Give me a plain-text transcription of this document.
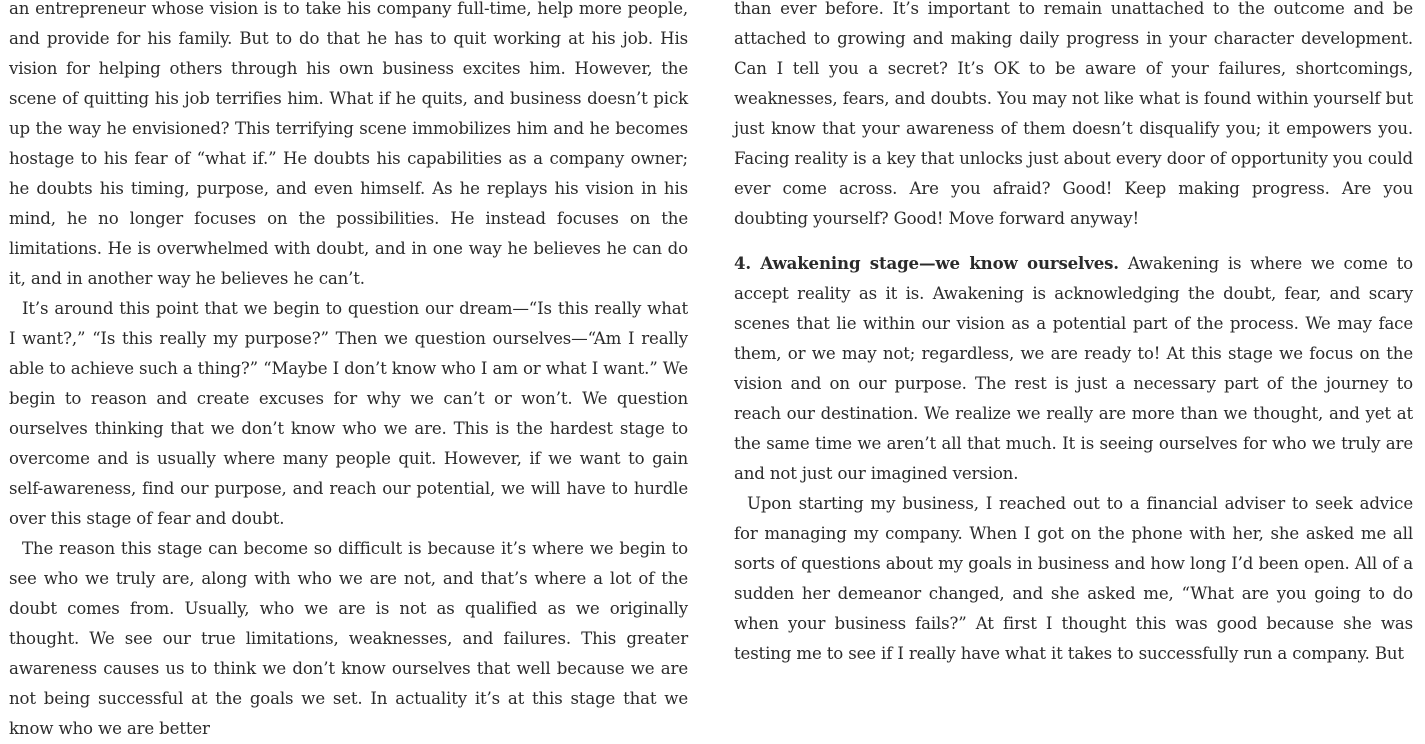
an entrepreneur whose vision is to take his company full-time, help more people, and provide for his family. But to do that he has to quit working at his job. His vision for helping others through his own business excites him. However, the scene of quitting his job terrifies him. What if he quits, and business doesn’t pick up the way he envisioned? This terrifying scene immobilizes him and he becomes hostage to his fear of “what if.” He doubts his capabilities as a company owner; he doubts his timing, purpose, and even himself. As he replays his vision in his mind, he no longer focuses on the possibilities. He instead focuses on the limitations. He is overwhelmed with doubt, and in one way he believes he can do it, and in another way he believes he can’t.

It’s around this point that we begin to question our dream—“Is this really what I want?,” “Is this really my purpose?” Then we question ourselves—“Am I really able to achieve such a thing?” “Maybe I don’t know who I am or what I want.” We begin to reason and create excuses for why we can’t or won’t. We question ourselves thinking that we don’t know who we are. This is the hardest stage to overcome and is usually where many people quit. However, if we want to gain self-awareness, find our purpose, and reach our potential, we will have to hurdle over this stage of fear and doubt.

The reason this stage can become so difficult is because it’s where we begin to see who we truly are, along with who we are not, and that’s where a lot of the doubt comes from. Usually, who we are is not as qualified as we originally thought. We see our true limitations, weaknesses, and failures. This greater awareness causes us to think we don’t know ourselves that well because we are not being successful at the goals we set. In actuality it’s at this stage that we know who we are better

than ever before. It’s important to remain unattached to the outcome and be attached to growing and making daily progress in your character development. Can I tell you a secret? It’s OK to be aware of your failures, shortcomings, weaknesses, fears, and doubts. You may not like what is found within yourself but just know that your awareness of them doesn’t disqualify you; it empowers you. Facing reality is a key that unlocks just about every door of opportunity you could ever come across. Are you afraid? Good! Keep making progress. Are you doubting yourself? Good! Move forward anyway!

4. Awakening stage—we know ourselves. Awakening is where we come to accept reality as it is. Awakening is acknowledging the doubt, fear, and scary scenes that lie within our vision as a potential part of the process. We may face them, or we may not; regardless, we are ready to! At this stage we focus on the vision and on our purpose. The rest is just a necessary part of the journey to reach our destination. We realize we really are more than we thought, and yet at the same time we aren’t all that much. It is seeing ourselves for who we truly are and not just our imagined version.

Upon starting my business, I reached out to a financial adviser to seek advice for managing my company. When I got on the phone with her, she asked me all sorts of questions about my goals in business and how long I’d been open. All of a sudden her demeanor changed, and she asked me, “What are you going to do when your business fails?” At first I thought this was good because she was testing me to see if I really have what it takes to successfully run a company. But
